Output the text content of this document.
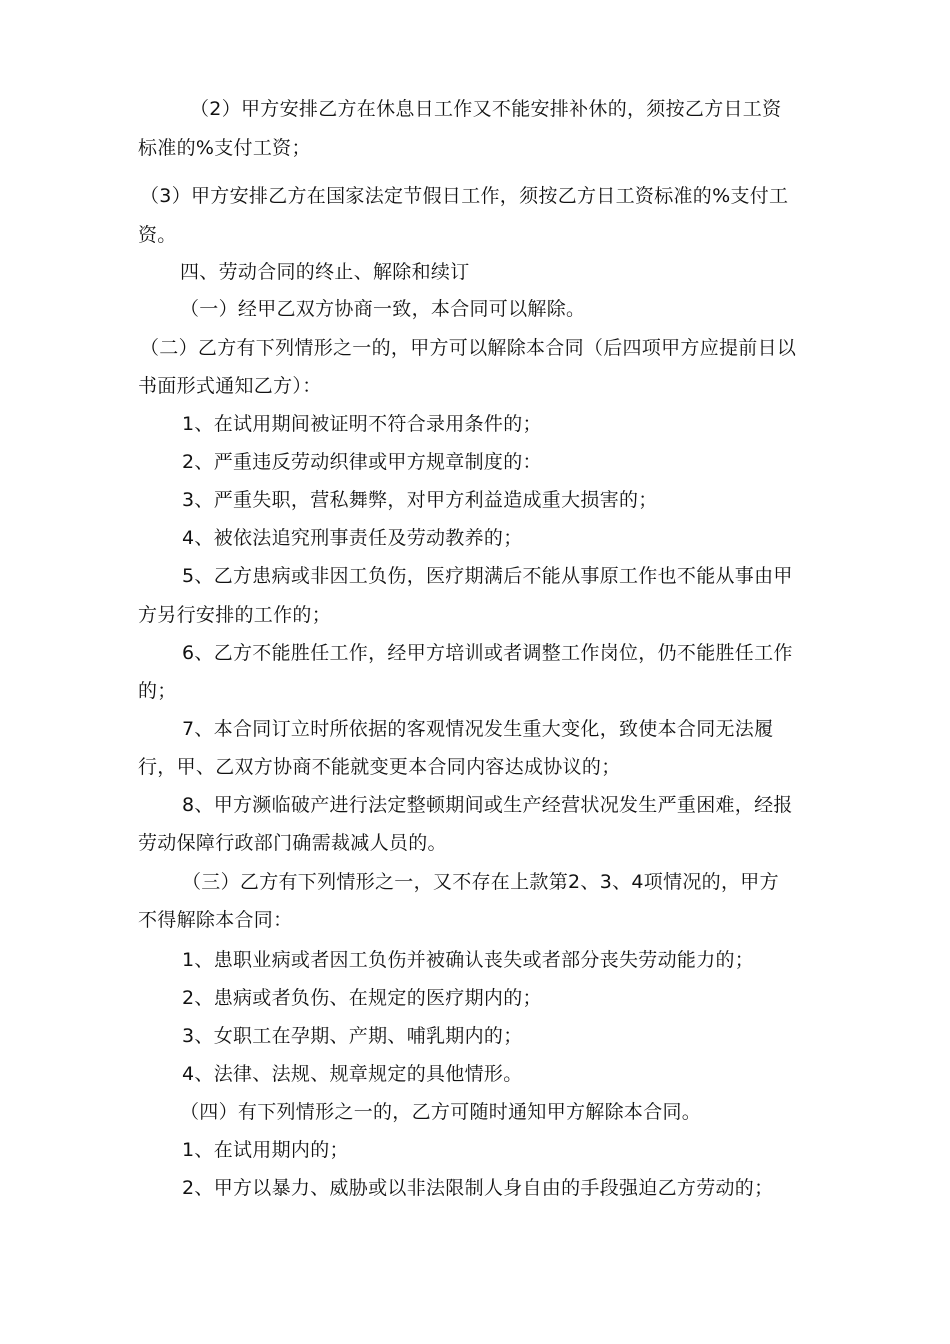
（2）甲方安排乙方在休息日工作又不能安排补休的，须按乙方日工资
标准的%支付工资；
（3）甲方安排乙方在国家法定节假日工作，须按乙方日工资标准的%支付工
资。
四、劳动合同的终止、解除和续订
（一）经甲乙双方协商一致，本合同可以解除。
（二）乙方有下列情形之一的，甲方可以解除本合同（后四项甲方应提前日以
书面形式通知乙方）：
1、在试用期间被证明不符合录用条件的；
2、严重违反劳动织律或甲方规章制度的：
3、严重失职，营私舞弊，对甲方利益造成重大损害的；
4、被依法追究刑事责任及劳动教养的；
5、乙方患病或非因工负伤，医疗期满后不能从事原工作也不能从事由甲
方另行安排的工作的；
6、乙方不能胜任工作，经甲方培训或者调整工作岗位，仍不能胜任工作
的；
7、本合同订立时所依据的客观情况发生重大变化，致使本合同无法履
行，甲、乙双方协商不能就变更本合同内容达成协议的；
8、甲方濒临破产进行法定整顿期间或生产经营状况发生严重困难，经报
劳动保障行政部门确需裁减人员的。
（三）乙方有下列情形之一，又不存在上款第2、3、4项情况的，甲方
不得解除本合同：
1、患职业病或者因工负伤并被确认丧失或者部分丧失劳动能力的；
2、患病或者负伤、在规定的医疗期内的；
3、女职工在孕期、产期、哺乳期内的；
4、法律、法规、规章规定的具他情形。
（四）有下列情形之一的，乙方可随时通知甲方解除本合同。
1、在试用期内的；
2、甲方以暴力、威胁或以非法限制人身自由的手段强迫乙方劳动的；
